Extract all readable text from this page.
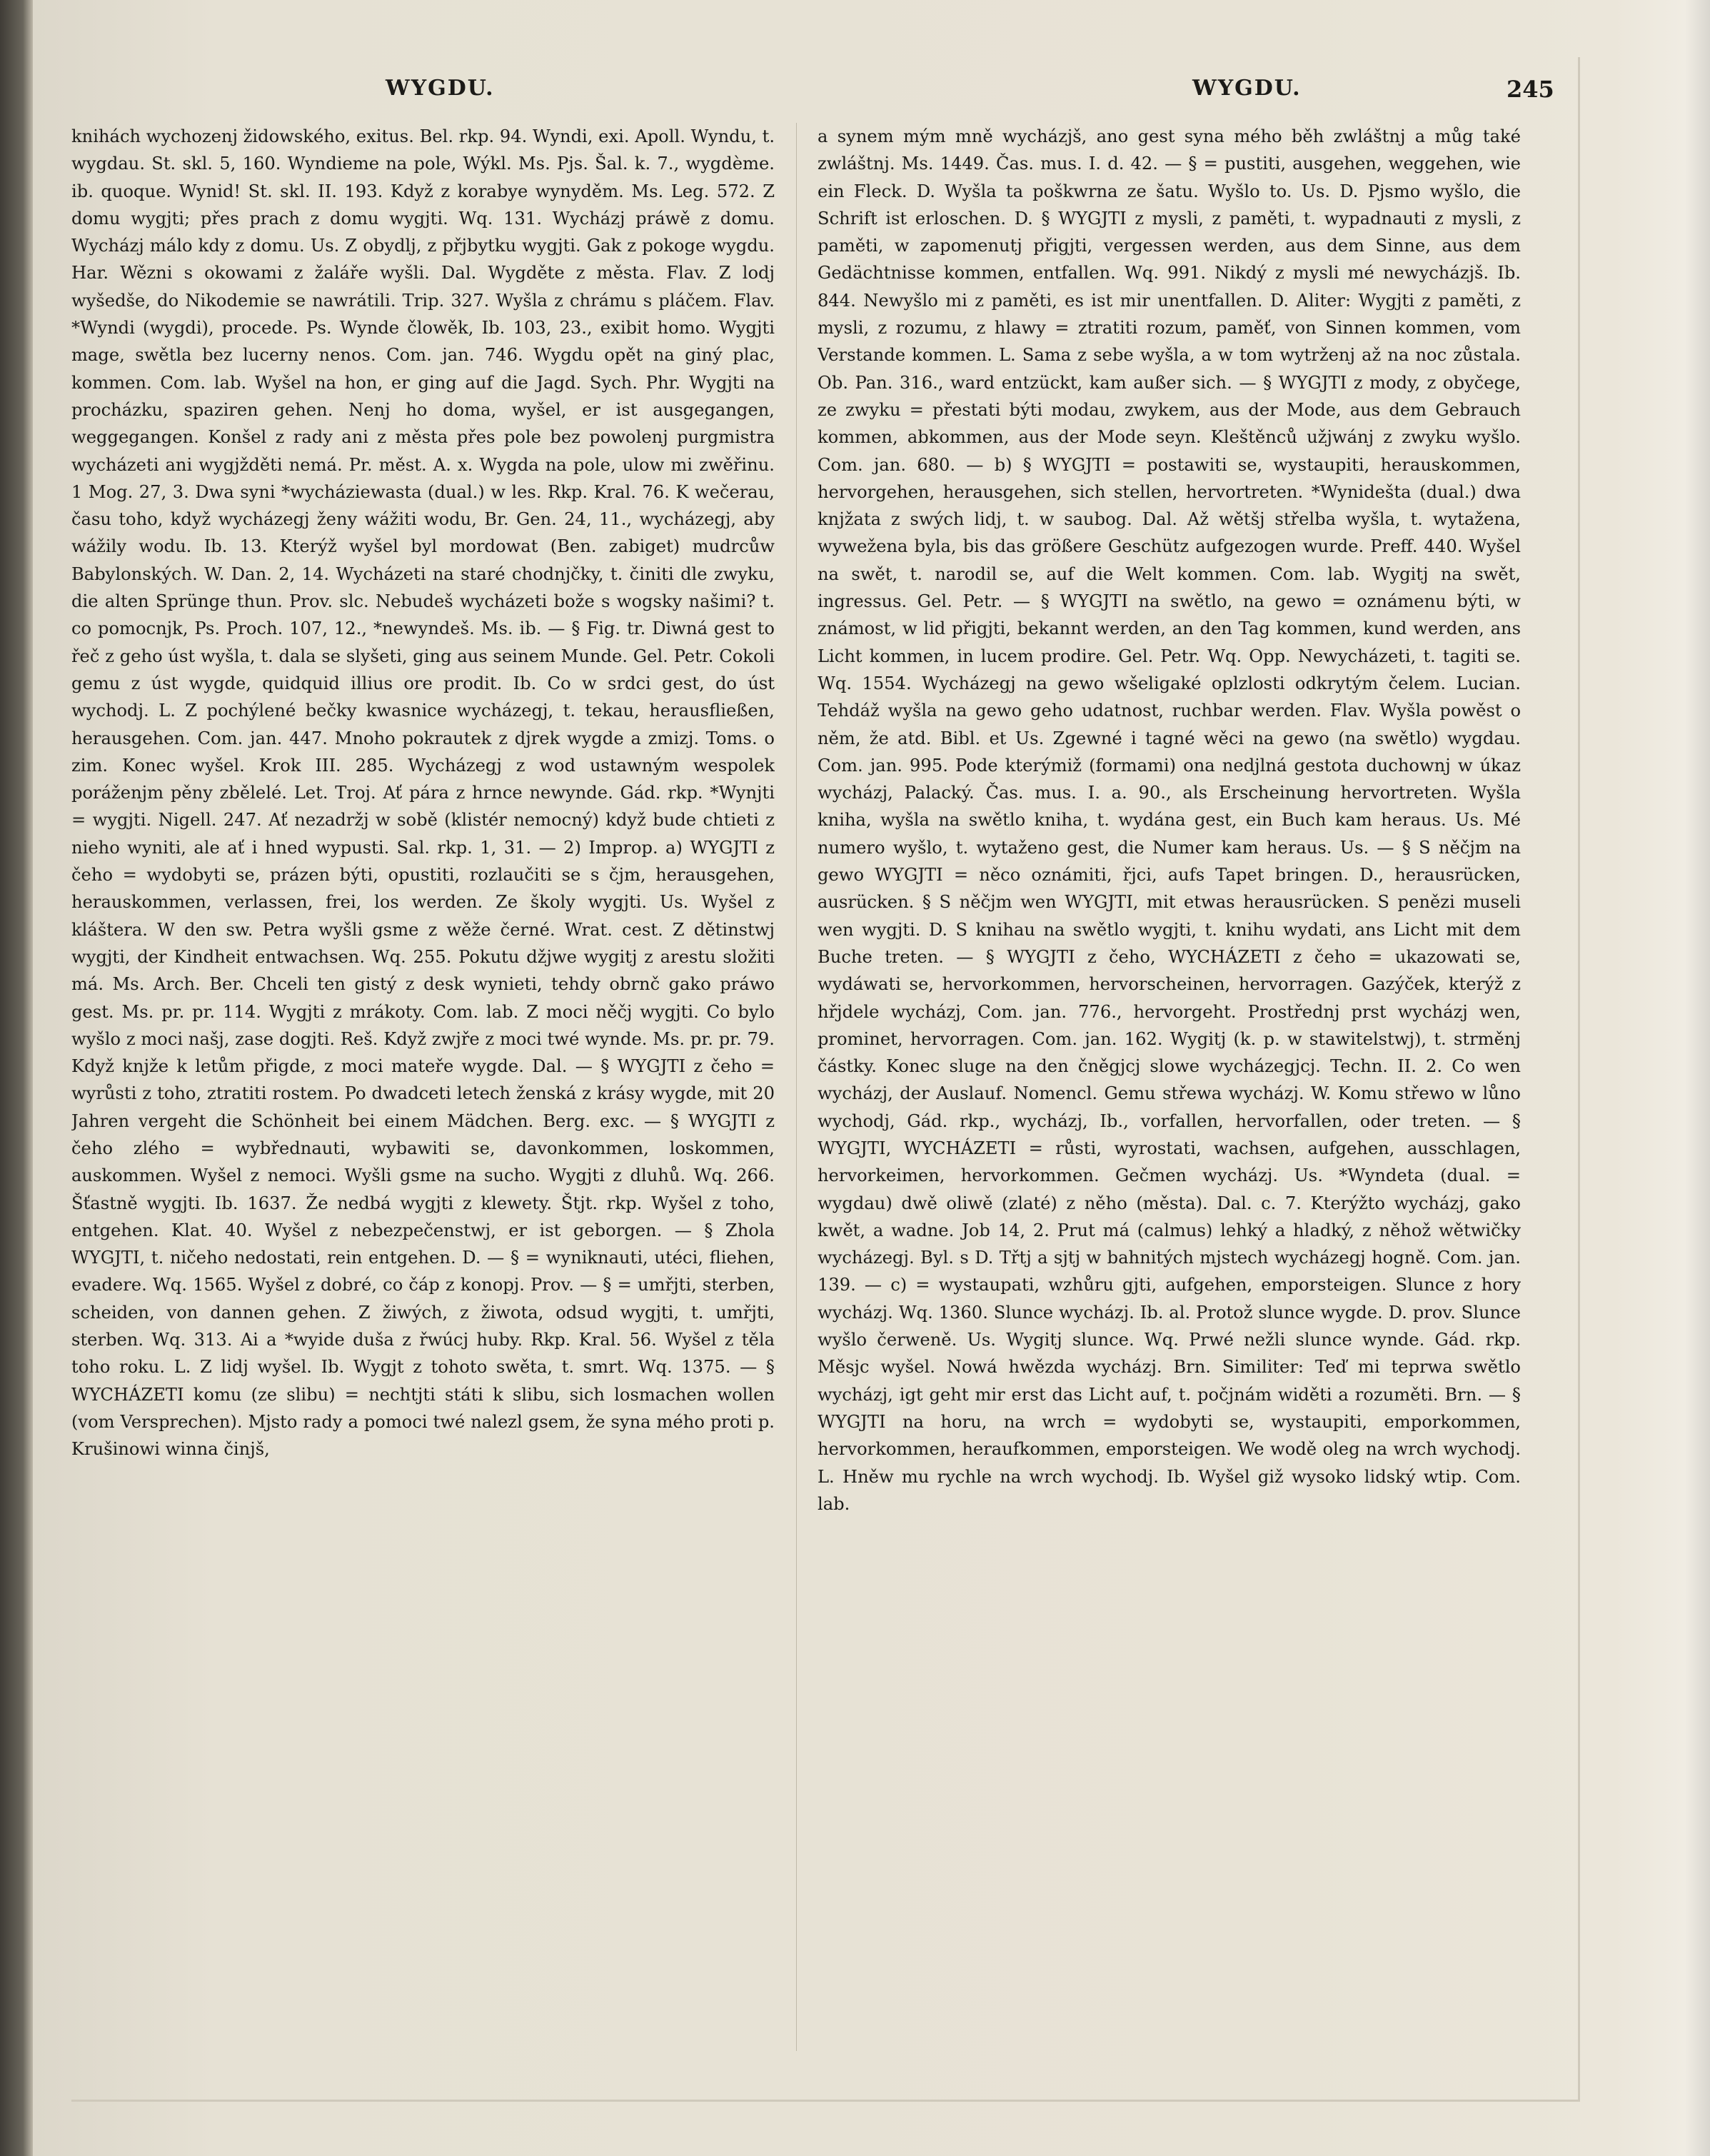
WYGDU.	WYGDU.	245
knihách wychozenj židowského, exitus. Bel. rkp. 94. Wyndi, exi. Apoll. Wyndu, t. wygdau. St. skl. 5, 160. Wyndieme na pole, Wýkl. Ms. Pjs. Šal. k. 7., wygdème. ib. quoque. Wynid! St. skl. II. 193. Když z korabye wynyděm. Ms. Leg. 572. Z domu wygjti; přes prach z domu wygjti. Wq. 131. Wycházj práwě z domu. Wycházj málo kdy z domu. Us. Z obydlj, z přjbytku wygjti. Gak z pokoge wygdu. Har. Wězni s okowami z žaláře wyšli. Dal. Wygděte z města. Flav. Z lodj wyšedše, do Nikodemie se nawrátili. Trip. 327. Wyšla z chrámu s pláčem. Flav. *Wyndi (wygdi), procede. Ps. Wynde člowěk, Ib. 103, 23., exibit homo. Wygjti mage, swětla bez lucerny nenos. Com. jan. 746. Wygdu opět na giný plac, kommen. Com. lab. Wyšel na hon, er ging auf die Jagd. Sych. Phr. Wygjti na procházku, spaziren gehen. Nenj ho doma, wyšel, er ist ausgegangen, weggegangen. Konšel z rady ani z města přes pole bez powolenj purgmistra wycházeti ani wygjžděti nemá. Pr. měst. A. x. Wygda na pole, ulow mi zwěřinu. 1 Mog. 27, 3. Dwa syni *wycháziewasta (dual.) w les. Rkp. Kral. 76. K wečerau, času toho, když wycházegj ženy wážiti wodu, Br. Gen. 24, 11., wycházegj, aby wážily wodu. Ib. 13. Kterýž wyšel byl mordowat (Ben. zabiget) mudrcůw Babylonských. W. Dan. 2, 14. Wycházeti na staré chodnjčky, t. činiti dle zwyku, die alten Sprünge thun. Prov. slc. Nebudeš wycházeti bože s wogsky našimi? t. co pomocnjk, Ps. Proch. 107, 12., *newyndeš. Ms. ib. — § Fig. tr. Diwná gest to řeč z geho úst wyšla, t. dala se slyšeti, ging aus seinem Munde. Gel. Petr. Cokoli gemu z úst wygde, quidquid illius ore prodit. Ib. Co w srdci gest, do úst wychodj. L. Z pochýlené bečky kwasnice wycházegj, t. tekau, herausfließen, herausgehen. Com. jan. 447. Mnoho pokrautek z djrek wygde a zmizj. Toms. o zim. Konec wyšel. Krok III. 285. Wycházegj z wod ustawným wespolek poráženjm pěny zbělelé. Let. Troj. Ať pára z hrnce newynde. Gád. rkp. *Wynjti = wygjti. Nigell. 247. Ať nezadržj w sobě (klistér nemocný) když bude chtieti z nieho wyniti, ale ať i hned wypusti. Sal. rkp. 1, 31. — 2) Improp. a) WYGJTI z čeho = wydobyti se, prázen býti, opustiti, rozlaučiti se s čjm, herausgehen, herauskommen, verlassen, frei, los werden. Ze školy wygjti. Us. Wyšel z kláštera. W den sw. Petra wyšli gsme z wěže černé. Wrat. cest. Z dětinstwj wygjti, der Kindheit entwachsen. Wq. 255. Pokutu džjwe wygitj z arestu složiti má. Ms. Arch. Ber. Chceli ten gistý z desk wynieti, tehdy obrnč gako práwo gest. Ms. pr. pr. 114. Wygjti z mrákoty. Com. lab. Z moci něčj wygjti. Co bylo wyšlo z moci našj, zase dogjti. Reš. Když zwjře z moci twé wynde. Ms. pr. pr. 79. Když knjže k letům přigde, z moci mateře wygde. Dal. — § WYGJTI z čeho = wyrůsti z toho, ztratiti rostem. Po dwadceti letech ženská z krásy wygde, mit 20 Jahren vergeht die Schönheit bei einem Mädchen. Berg. exc. — § WYGJTI z čeho zlého = wybřednauti, wybawiti se, davonkommen, loskommen, auskommen. Wyšel z nemoci. Wyšli gsme na sucho. Wygjti z dluhů. Wq. 266. Šťastně wygjti. Ib. 1637. Že nedbá wygjti z klewety. Štjt. rkp. Wyšel z toho, entgehen. Klat. 40. Wyšel z nebezpečenstwj, er ist geborgen. — § Zhola WYGJTI, t. ničeho nedostati, rein entgehen. D. — § = wyniknauti, utéci, fliehen, evadere. Wq. 1565. Wyšel z dobré, co čáp z konopj. Prov. — § = umřjti, sterben, scheiden, von dannen gehen. Z žiwých, z žiwota, odsud wygjti, t. umřjti, sterben. Wq. 313. Ai a *wyide duša z řwúcj huby. Rkp. Kral. 56. Wyšel z těla toho roku. L. Z lidj wyšel. Ib. Wygjt z tohoto swěta, t. smrt. Wq. 1375. — § WYCHÁZETI komu (ze slibu) = nechtjti státi k slibu, sich losmachen wollen (vom Versprechen). Mjsto rady a pomoci twé nalezl gsem, že syna mého proti p. Krušinowi winna činjš,
a synem mým mně wycházjš, ano gest syna mého běh zwláštnj a můg také zwláštnj. Ms. 1449. Čas. mus. I. d. 42. — § = pustiti, ausgehen, weggehen, wie ein Fleck. D. Wyšla ta poškwrna ze šatu. Wyšlo to. Us. D. Pjsmo wyšlo, die Schrift ist erloschen. D. § WYGJTI z mysli, z paměti, t. wypadnauti z mysli, z paměti, w zapomenutj přigjti, vergessen werden, aus dem Sinne, aus dem Gedächtnisse kommen, entfallen. Wq. 991. Nikdý z mysli mé newycházjš. Ib. 844. Newyšlo mi z paměti, es ist mir unentfallen. D. Aliter: Wygjti z paměti, z mysli, z rozumu, z hlawy = ztratiti rozum, paměť, von Sinnen kommen, vom Verstande kommen. L. Sama z sebe wyšla, a w tom wytrženj až na noc zůstala. Ob. Pan. 316., ward entzückt, kam außer sich. — § WYGJTI z mody, z obyčege, ze zwyku = přestati býti modau, zwykem, aus der Mode, aus dem Gebrauch kommen, abkommen, aus der Mode seyn. Kleštěnců užjwánj z zwyku wyšlo. Com. jan. 680. — b) § WYGJTI = postawiti se, wystaupiti, herauskommen, hervorgehen, herausgehen, sich stellen, hervortreten. *Wynidešta (dual.) dwa knjžata z swých lidj, t. w saubog. Dal. Až wětšj střelba wyšla, t. wytažena, wywežena byla, bis das größere Geschütz aufgezogen wurde. Preff. 440. Wyšel na swět, t. narodil se, auf die Welt kommen. Com. lab. Wygitj na swět, ingressus. Gel. Petr. — § WYGJTI na swětlo, na gewo = oznámenu býti, w známost, w lid přigjti, bekannt werden, an den Tag kommen, kund werden, ans Licht kommen, in lucem prodire. Gel. Petr. Wq. Opp. Newycházeti, t. tagiti se. Wq. 1554. Wycházegj na gewo wšeligaké oplzlosti odkrytým čelem. Lucian. Tehdáž wyšla na gewo geho udatnost, ruchbar werden. Flav. Wyšla powěst o něm, že atd. Bibl. et Us. Zgewné i tagné wěci na gewo (na swětlo) wygdau. Com. jan. 995. Pode kterýmiž (formami) ona nedjlná gestota duchownj w úkaz wycházj, Palacký. Čas. mus. I. a. 90., als Erscheinung hervortreten. Wyšla kniha, wyšla na swětlo kniha, t. wydána gest, ein Buch kam heraus. Us. Mé numero wyšlo, t. wytaženo gest, die Numer kam heraus. Us. — § S něčjm na gewo WYGJTI = něco oznámiti, řjci, aufs Tapet bringen. D., herausrücken, ausrücken. § S něčjm wen WYGJTI, mit etwas herausrücken. S penězi museli wen wygjti. D. S knihau na swětlo wygjti, t. knihu wydati, ans Licht mit dem Buche treten. — § WYGJTI z čeho, WYCHÁZETI z čeho = ukazowati se, wydáwati se, hervorkommen, hervorscheinen, hervorragen. Gazýček, kterýž z hřjdele wycházj, Com. jan. 776., hervorgeht. Prostřednj prst wycházj wen, prominet, hervorragen. Com. jan. 162. Wygitj (k. p. w stawitelstwj), t. strměnj částky. Konec sluge na den čněgjcj slowe wycházegjcj. Techn. II. 2. Co wen wycházj, der Auslauf. Nomencl. Gemu střewa wycházj. W. Komu střewo w lůno wychodj, Gád. rkp., wycházj, Ib., vorfallen, hervorfallen, oder treten. — § WYGJTI, WYCHÁZETI = růsti, wyrostati, wachsen, aufgehen, ausschlagen, hervorkeimen, hervorkommen. Gečmen wycházj. Us. *Wyndeta (dual. = wygdau) dwě oliwě (zlaté) z něho (města). Dal. c. 7. Kterýžto wycházj, gako kwět, a wadne. Job 14, 2. Prut má (calmus) lehký a hladký, z něhož wětwičky wycházegj. Byl. s D. Třtj a sjtj w bahnitých mjstech wycházegj hogně. Com. jan. 139. — c) = wystaupati, wzhůru gjti, aufgehen, emporsteigen. Slunce z hory wycházj. Wq. 1360. Slunce wycházj. Ib. al. Protož slunce wygde. D. prov. Slunce wyšlo čerweně. Us. Wygitj slunce. Wq. Prwé nežli slunce wynde. Gád. rkp. Měsjc wyšel. Nowá hwězda wycházj. Brn. Similiter: Teď mi teprwa swětlo wycházj, igt geht mir erst das Licht auf, t. počjnám widěti a rozuměti. Brn. — § WYGJTI na horu, na wrch = wydobyti se, wystaupiti, emporkommen, hervorkommen, heraufkommen, emporsteigen. We wodě oleg na wrch wychodj. L. Hněw mu rychle na wrch wychodj. Ib. Wyšel giž wysoko lidský wtip. Com. lab.
